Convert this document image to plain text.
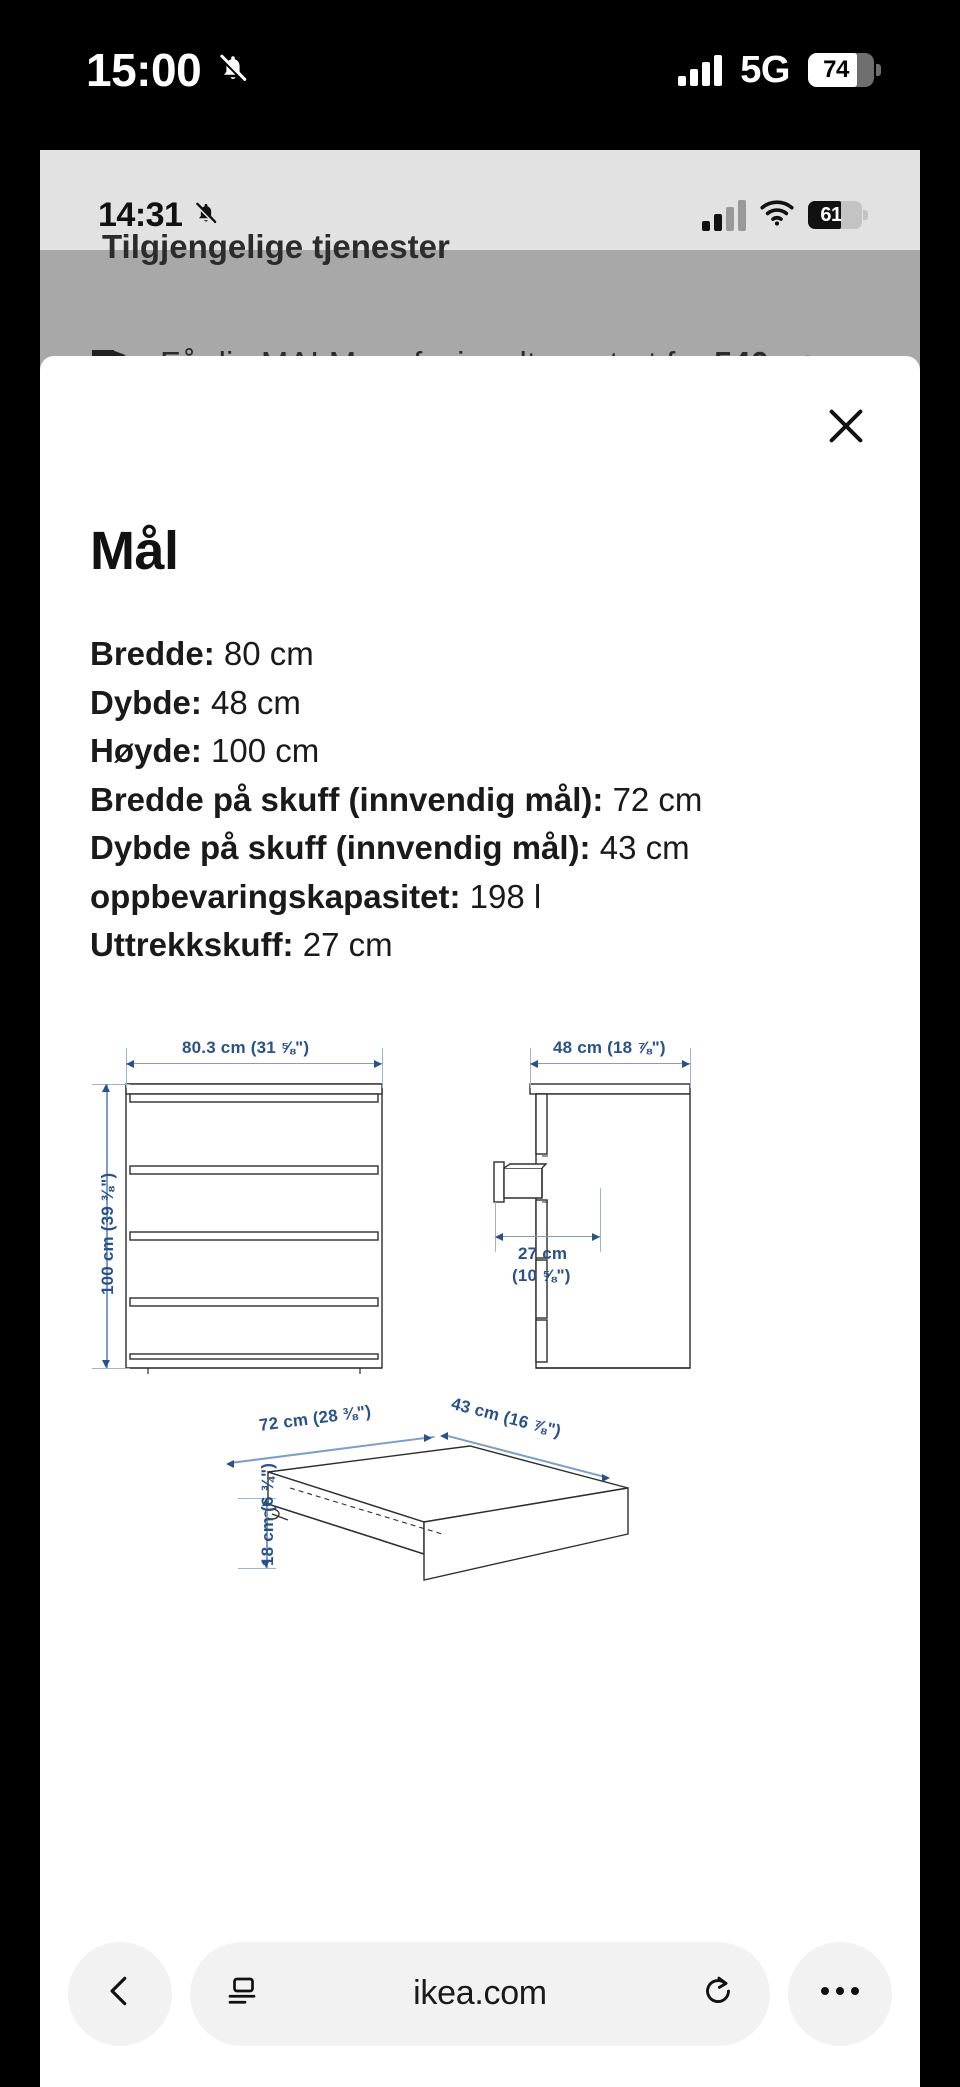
15:00	5G	74
14:31	61
Tilgjengelige tjenester
Mål
Bredde: 80 cm
Dybde: 48 cm
Høyde: 100 cm
Bredde på skuff (innvendig mål): 72 cm
Dybde på skuff (innvendig mål): 43 cm
oppbevaringskapasitet: 198 l
Uttrekkskuff: 27 cm
80.3 cm (31 ⅝")
100 cm (39 ⅜")
48 cm (18 ⅞")
27 cm
(10 ⅝")
72 cm (28 ⅜")	43 cm (16 ⅞")
18 cm (6 ¾")
ikea.com
